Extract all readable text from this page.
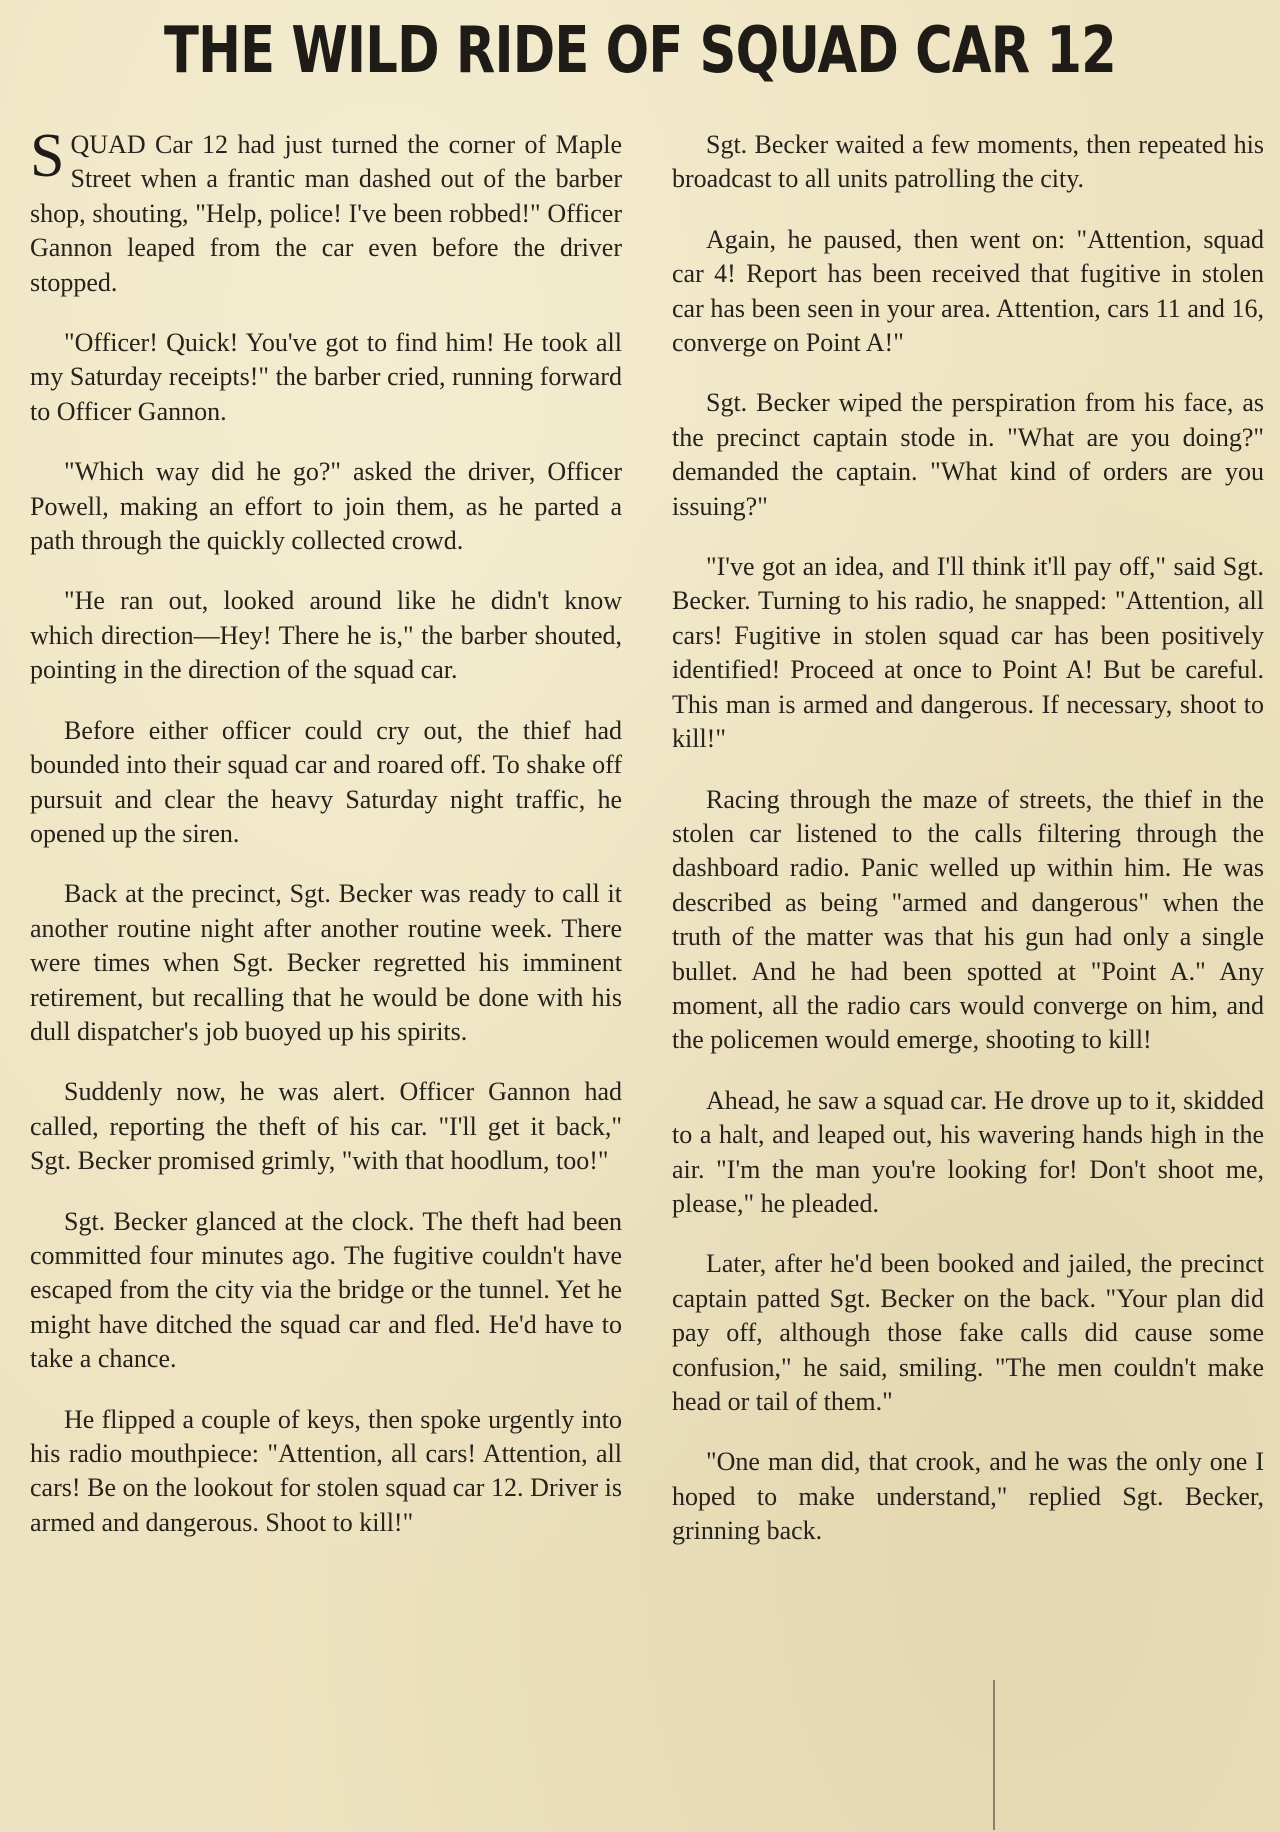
THE WILD RIDE OF SQUAD CAR 12

SQUAD Car 12 had just turned the corner of Maple Street when a frantic man dashed out of the barber shop, shouting, "Help, police! I've been robbed!" Officer Gannon leaped from the car even before the driver stopped.

"Officer! Quick! You've got to find him! He took all my Saturday receipts!" the barber cried, running forward to Officer Gannon.

"Which way did he go?" asked the driver, Officer Powell, making an effort to join them, as he parted a path through the quickly collected crowd.

"He ran out, looked around like he didn't know which direction—Hey! There he is," the barber shouted, pointing in the direction of the squad car.

Before either officer could cry out, the thief had bounded into their squad car and roared off. To shake off pursuit and clear the heavy Saturday night traffic, he opened up the siren.

Back at the precinct, Sgt. Becker was ready to call it another routine night after another routine week. There were times when Sgt. Becker regretted his imminent retirement, but recalling that he would be done with his dull dispatcher's job buoyed up his spirits.

Suddenly now, he was alert. Officer Gannon had called, reporting the theft of his car. "I'll get it back," Sgt. Becker promised grimly, "with that hoodlum, too!"

Sgt. Becker glanced at the clock. The theft had been committed four minutes ago. The fugitive couldn't have escaped from the city via the bridge or the tunnel. Yet he might have ditched the squad car and fled. He'd have to take a chance.

He flipped a couple of keys, then spoke urgently into his radio mouthpiece: "Attention, all cars! Attention, all cars! Be on the lookout for stolen squad car 12. Driver is armed and dangerous. Shoot to kill!"

Sgt. Becker waited a few moments, then repeated his broadcast to all units patrolling the city.

Again, he paused, then went on: "Attention, squad car 4! Report has been received that fugitive in stolen car has been seen in your area. Attention, cars 11 and 16, converge on Point A!"

Sgt. Becker wiped the perspiration from his face, as the precinct captain stode in. "What are you doing?" demanded the captain. "What kind of orders are you issuing?"

"I've got an idea, and I'll think it'll pay off," said Sgt. Becker. Turning to his radio, he snapped: "Attention, all cars! Fugitive in stolen squad car has been positively identified! Proceed at once to Point A! But be careful. This man is armed and dangerous. If necessary, shoot to kill!"

Racing through the maze of streets, the thief in the stolen car listened to the calls filtering through the dashboard radio. Panic welled up within him. He was described as being "armed and dangerous" when the truth of the matter was that his gun had only a single bullet. And he had been spotted at "Point A." Any moment, all the radio cars would converge on him, and the policemen would emerge, shooting to kill!

Ahead, he saw a squad car. He drove up to it, skidded to a halt, and leaped out, his wavering hands high in the air. "I'm the man you're looking for! Don't shoot me, please," he pleaded.

Later, after he'd been booked and jailed, the precinct captain patted Sgt. Becker on the back. "Your plan did pay off, although those fake calls did cause some confusion," he said, smiling. "The men couldn't make head or tail of them."

"One man did, that crook, and he was the only one I hoped to make understand," replied Sgt. Becker, grinning back.
